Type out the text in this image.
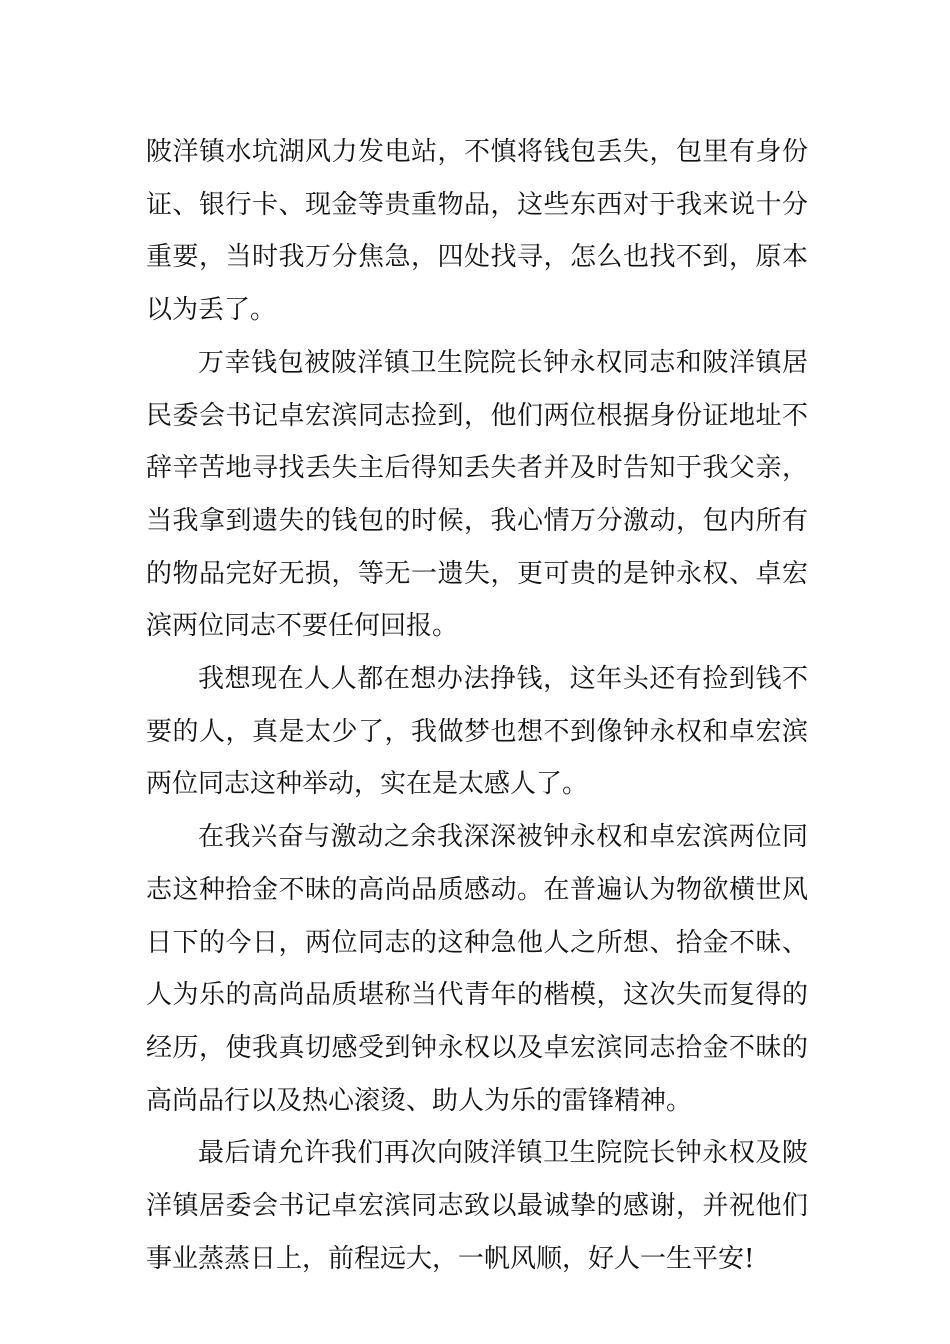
陂洋镇水坑湖风力发电站，不慎将钱包丢失，包里有身份证、银行卡、现金等贵重物品，这些东西对于我来说十分重要，当时我万分焦急，四处找寻，怎么也找不到，原本以为丢了。

万幸钱包被陂洋镇卫生院院长钟永权同志和陂洋镇居民委会书记卓宏滨同志捡到，他们两位根据身份证地址不辞辛苦地寻找丢失主后得知丢失者并及时告知于我父亲，当我拿到遗失的钱包的时候，我心情万分激动，包内所有的物品完好无损，等无一遗失，更可贵的是钟永权、卓宏滨两位同志不要任何回报。

我想现在人人都在想办法挣钱，这年头还有捡到钱不要的人，真是太少了，我做梦也想不到像钟永权和卓宏滨两位同志这种举动，实在是太感人了。

在我兴奋与激动之余我深深被钟永权和卓宏滨两位同志这种拾金不昧的高尚品质感动。在普遍认为物欲横世风日下的今日，两位同志的这种急他人之所想、拾金不昧、人为乐的高尚品质堪称当代青年的楷模，这次失而复得的经历，使我真切感受到钟永权以及卓宏滨同志拾金不昧的高尚品行以及热心滚烫、助人为乐的雷锋精神。

最后请允许我们再次向陂洋镇卫生院院长钟永权及陂洋镇居委会书记卓宏滨同志致以最诚挚的感谢，并祝他们事业蒸蒸日上，前程远大，一帆风顺，好人一生平安!
